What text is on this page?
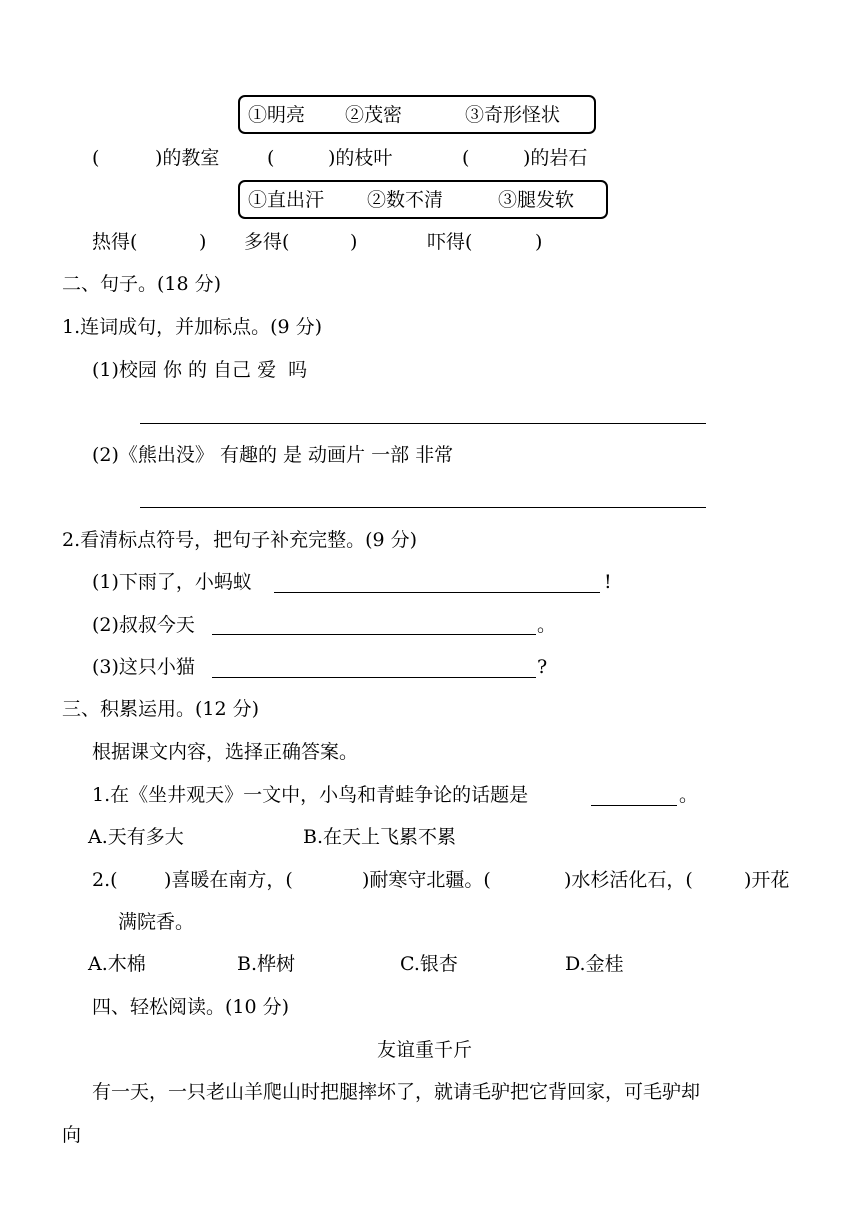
①明亮 ②茂密	③奇形怪状
(	)的教室	(	)的枝叶	(	)的岩石
①直出汗 ②数不清	③腿发软
热得(	) 多得(	)	吓得(	)
二、句子。(18 分)
1.连词成句，并加标点。(9 分)
(1)校园 你 的 自己 爱  吗
(2)《熊出没》 有趣的 是 动画片 一部 非常
2.看清标点符号，把句子补充完整。(9 分)
(1)下雨了，小蚂蚁	!
(2)叔叔今天	。
(3)这只小猫	?
三、积累运用。(12 分)
根据课文内容，选择正确答案。
1.在《坐井观天》一文中，小鸟和青蛙争论的话题是	。
A.天有多大	B.在天上飞累不累
2.( )喜暖在南方，(	)耐寒守北疆。(	)水杉活化石，(	)开花
满院香。
A.木棉	B.桦树	C.银杏	D.金桂
四、轻松阅读。(10 分)
友谊重千斤
有一天，一只老山羊爬山时把腿摔坏了，就请毛驴把它背回家，可毛驴却
向
